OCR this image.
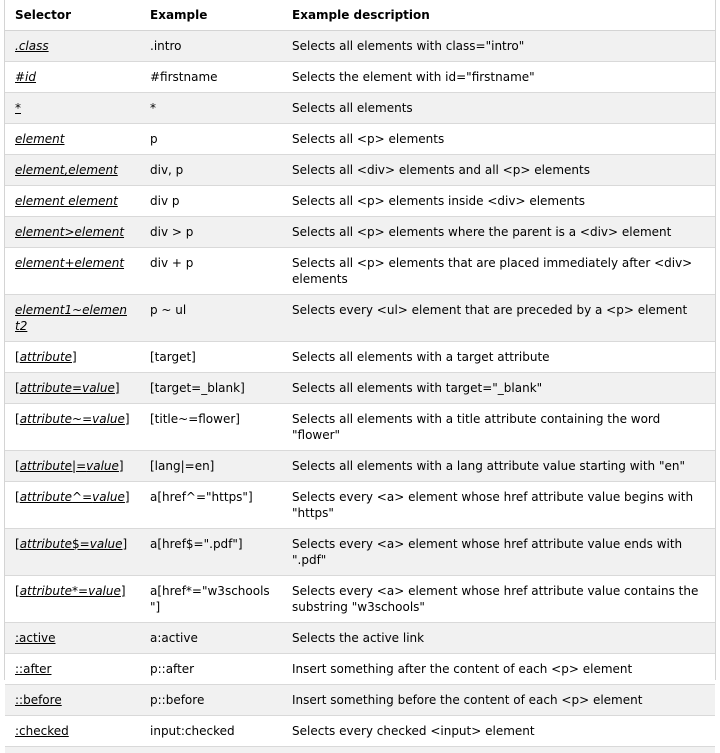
Selector	Example	Example description
.class	.intro	Selects all elements with class="intro"
#id	#firstname	Selects the element with id="firstname"
*	*	Selects all elements
element	p	Selects all <p> elements
element,element	div, p	Selects all <div> elements and all <p> elements
element element	div p	Selects all <p> elements inside <div> elements
element>element	div > p	Selects all <p> elements where the parent is a <div> element
element+element	div + p	Selects all <p> elements that are placed immediately after <div> elements
element1~element2	p ~ ul	Selects every <ul> element that are preceded by a <p> element
[attribute]	[target]	Selects all elements with a target attribute
[attribute=value]	[target=_blank]	Selects all elements with target="_blank"
[attribute~=value]	[title~=flower]	Selects all elements with a title attribute containing the word "flower"
[attribute|=value]	[lang|=en]	Selects all elements with a lang attribute value starting with "en"
[attribute^=value]	a[href^="https"]	Selects every <a> element whose href attribute value begins with "https"
[attribute$=value]	a[href$=".pdf"]	Selects every <a> element whose href attribute value ends with ".pdf"
[attribute*=value]	a[href*="w3schools"]	Selects every <a> element whose href attribute value contains the substring "w3schools"
:active	a:active	Selects the active link
::after	p::after	Insert something after the content of each <p> element
::before	p::before	Insert something before the content of each <p> element
:checked	input:checked	Selects every checked <input> element
